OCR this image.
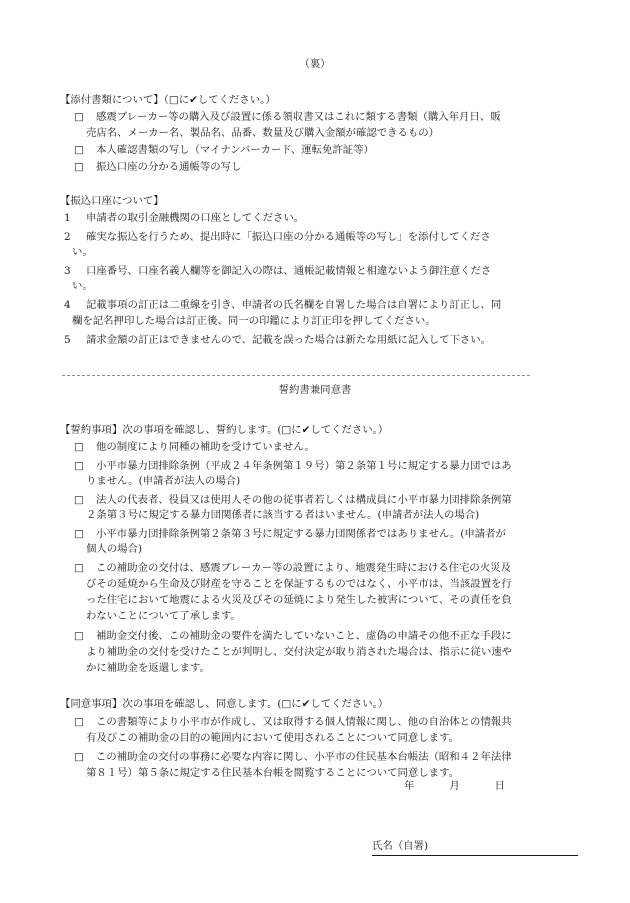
（裏）
【添付書類について】（□に✔してください。）
□	感震ブレーカー等の購入及び設置に係る領収書又はこれに類する書類（購入年月日、販
売店名、メーカー名、製品名、品番、数量及び購入金額が確認できるもの）
□	本人確認書類の写し（マイナンバーカード、運転免許証等）
□	振込口座の分かる通帳等の写し
【振込口座について】
1	申請者の取引金融機関の口座としてください。
2	確実な振込を行うため、提出時に「振込口座の分かる通帳等の写し」を添付してくださ
い。
3	口座番号、口座名義人欄等を御記入の際は、通帳記載情報と相違ないよう御注意くださ
い。
4	記載事項の訂正は二重線を引き、申請者の氏名欄を自署した場合は自署により訂正し、同
欄を記名押印した場合は訂正後、同一の印鑑により訂正印を押してください。
5	請求金額の訂正はできませんので、記載を誤った場合は新たな用紙に記入して下さい。
誓約書兼同意書
【誓約事項】次の事項を確認し、誓約します。(□に✔してください。）
□	他の制度により同種の補助を受けていません。
□	小平市暴力団排除条例（平成２４年条例第１９号）第２条第１号に規定する暴力団ではあ
りません。(申請者が法人の場合)
□	法人の代表者、役員又は使用人その他の従事者若しくは構成員に小平市暴力団排除条例第
２条第３号に規定する暴力団関係者に該当する者はいません。(申請者が法人の場合)
□	小平市暴力団排除条例第２条第３号に規定する暴力団関係者ではありません。(申請者が
個人の場合)
□	この補助金の交付は、感震ブレーカー等の設置により、地震発生時における住宅の火災及
びその延焼から生命及び財産を守ることを保証するものではなく、小平市は、当該設置を行
った住宅において地震による火災及びその延焼により発生した被害について、その責任を負
わないことについて了承します。
□	補助金交付後、この補助金の要件を満たしていないこと、虚偽の申請その他不正な手段に
より補助金の交付を受けたことが判明し、交付決定が取り消された場合は、指示に従い速や
かに補助金を返還します。
【同意事項】次の事項を確認し、同意します。(□に✔してください。）
□	この書類等により小平市が作成し、又は取得する個人情報に関し、他の自治体との情報共
有及びこの補助金の目的の範囲内において使用されることについて同意します。
□	この補助金の交付の事務に必要な内容に関し、小平市の住民基本台帳法（昭和４２年法律
第８１号）第５条に規定する住民基本台帳を閲覧することについて同意します。
年	月	日
氏名（自署)
